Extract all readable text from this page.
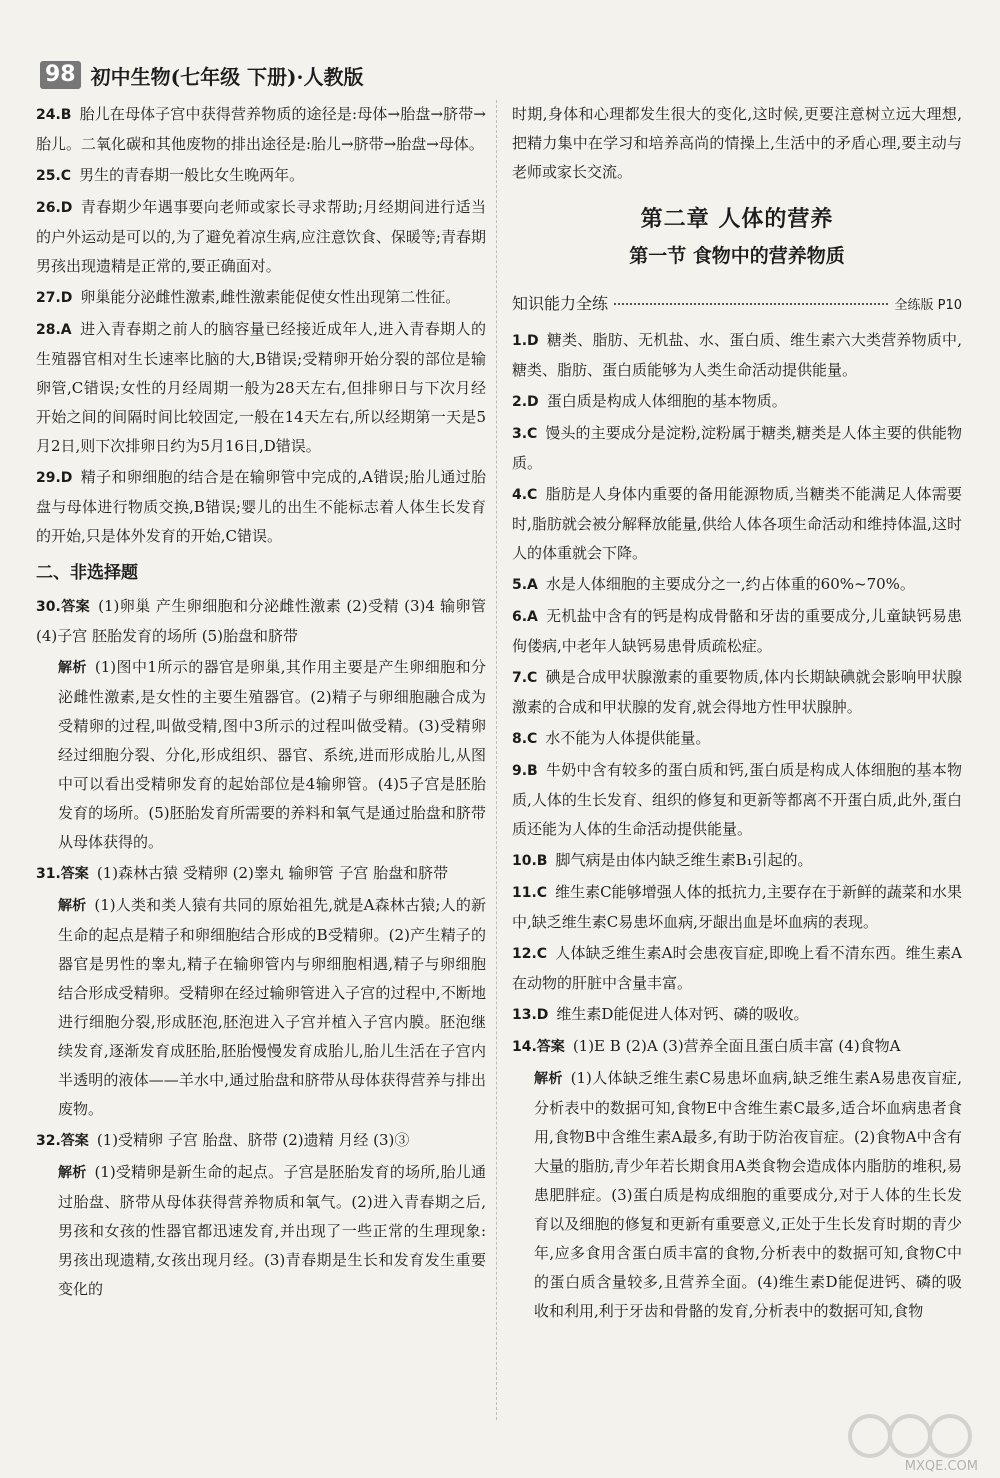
98 初中生物(七年级 下册)·人教版
24.B 胎儿在母体子宫中获得营养物质的途径是:母体→胎盘→脐带→胎儿。二氧化碳和其他废物的排出途径是:胎儿→脐带→胎盘→母体。
25.C 男生的青春期一般比女生晚两年。
26.D 青春期少年遇事要向老师或家长寻求帮助;月经期间进行适当的户外运动是可以的,为了避免着凉生病,应注意饮食、保暖等;青春期男孩出现遗精是正常的,要正确面对。
27.D 卵巢能分泌雌性激素,雌性激素能促使女性出现第二性征。
28.A 进入青春期之前人的脑容量已经接近成年人,进入青春期人的生殖器官相对生长速率比脑的大,B错误;受精卵开始分裂的部位是输卵管,C错误;女性的月经周期一般为28天左右,但排卵日与下次月经开始之间的间隔时间比较固定,一般在14天左右,所以经期第一天是5月2日,则下次排卵日约为5月16日,D错误。
29.D 精子和卵细胞的结合是在输卵管中完成的,A错误;胎儿通过胎盘与母体进行物质交换,B错误;婴儿的出生不能标志着人体生长发育的开始,只是体外发育的开始,C错误。
二、非选择题
30.答案 (1)卵巢 产生卵细胞和分泌雌性激素 (2)受精 (3)4 输卵管 (4)子宫 胚胎发育的场所 (5)胎盘和脐带
解析 (1)图中1所示的器官是卵巢,其作用主要是产生卵细胞和分泌雌性激素,是女性的主要生殖器官。(2)精子与卵细胞融合成为受精卵的过程,叫做受精,图中3所示的过程叫做受精。(3)受精卵经过细胞分裂、分化,形成组织、器官、系统,进而形成胎儿,从图中可以看出受精卵发育的起始部位是4输卵管。(4)5子宫是胚胎发育的场所。(5)胚胎发育所需要的养料和氧气是通过胎盘和脐带从母体获得的。
31.答案 (1)森林古猿 受精卵 (2)睾丸 输卵管 子宫 胎盘和脐带
解析 (1)人类和类人猿有共同的原始祖先,就是A森林古猿;人的新生命的起点是精子和卵细胞结合形成的B受精卵。(2)产生精子的器官是男性的睾丸,精子在输卵管内与卵细胞相遇,精子与卵细胞结合形成受精卵。受精卵在经过输卵管进入子宫的过程中,不断地进行细胞分裂,形成胚泡,胚泡进入子宫并植入子宫内膜。胚泡继续发育,逐渐发育成胚胎,胚胎慢慢发育成胎儿,胎儿生活在子宫内半透明的液体——羊水中,通过胎盘和脐带从母体获得营养与排出废物。
32.答案 (1)受精卵 子宫 胎盘、脐带 (2)遗精 月经 (3)③
解析 (1)受精卵是新生命的起点。子宫是胚胎发育的场所,胎儿通过胎盘、脐带从母体获得营养物质和氧气。(2)进入青春期之后,男孩和女孩的性器官都迅速发育,并出现了一些正常的生理现象:男孩出现遗精,女孩出现月经。(3)青春期是生长和发育发生重要变化的
时期,身体和心理都发生很大的变化,这时候,更要注意树立远大理想,把精力集中在学习和培养高尚的情操上,生活中的矛盾心理,要主动与老师或家长交流。
第二章 人体的营养
第一节 食物中的营养物质
知识能力全练	全练版 P10
1.D 糖类、脂肪、无机盐、水、蛋白质、维生素六大类营养物质中,糖类、脂肪、蛋白质能够为人类生命活动提供能量。
2.D 蛋白质是构成人体细胞的基本物质。
3.C 馒头的主要成分是淀粉,淀粉属于糖类,糖类是人体主要的供能物质。
4.C 脂肪是人身体内重要的备用能源物质,当糖类不能满足人体需要时,脂肪就会被分解释放能量,供给人体各项生命活动和维持体温,这时人的体重就会下降。
5.A 水是人体细胞的主要成分之一,约占体重的60%~70%。
6.A 无机盐中含有的钙是构成骨骼和牙齿的重要成分,儿童缺钙易患佝偻病,中老年人缺钙易患骨质疏松症。
7.C 碘是合成甲状腺激素的重要物质,体内长期缺碘就会影响甲状腺激素的合成和甲状腺的发育,就会得地方性甲状腺肿。
8.C 水不能为人体提供能量。
9.B 牛奶中含有较多的蛋白质和钙,蛋白质是构成人体细胞的基本物质,人体的生长发育、组织的修复和更新等都离不开蛋白质,此外,蛋白质还能为人体的生命活动提供能量。
10.B 脚气病是由体内缺乏维生素B₁引起的。
11.C 维生素C能够增强人体的抵抗力,主要存在于新鲜的蔬菜和水果中,缺乏维生素C易患坏血病,牙龈出血是坏血病的表现。
12.C 人体缺乏维生素A时会患夜盲症,即晚上看不清东西。维生素A在动物的肝脏中含量丰富。
13.D 维生素D能促进人体对钙、磷的吸收。
14.答案 (1)E B (2)A (3)营养全面且蛋白质丰富 (4)食物A
解析 (1)人体缺乏维生素C易患坏血病,缺乏维生素A易患夜盲症,分析表中的数据可知,食物E中含维生素C最多,适合坏血病患者食用,食物B中含维生素A最多,有助于防治夜盲症。(2)食物A中含有大量的脂肪,青少年若长期食用A类食物会造成体内脂肪的堆积,易患肥胖症。(3)蛋白质是构成细胞的重要成分,对于人体的生长发育以及细胞的修复和更新有重要意义,正处于生长发育时期的青少年,应多食用含蛋白质丰富的食物,分析表中的数据可知,食物C中的蛋白质含量较多,且营养全面。(4)维生素D能促进钙、磷的吸收和利用,利于牙齿和骨骼的发育,分析表中的数据可知,食物
MXQE.COM
